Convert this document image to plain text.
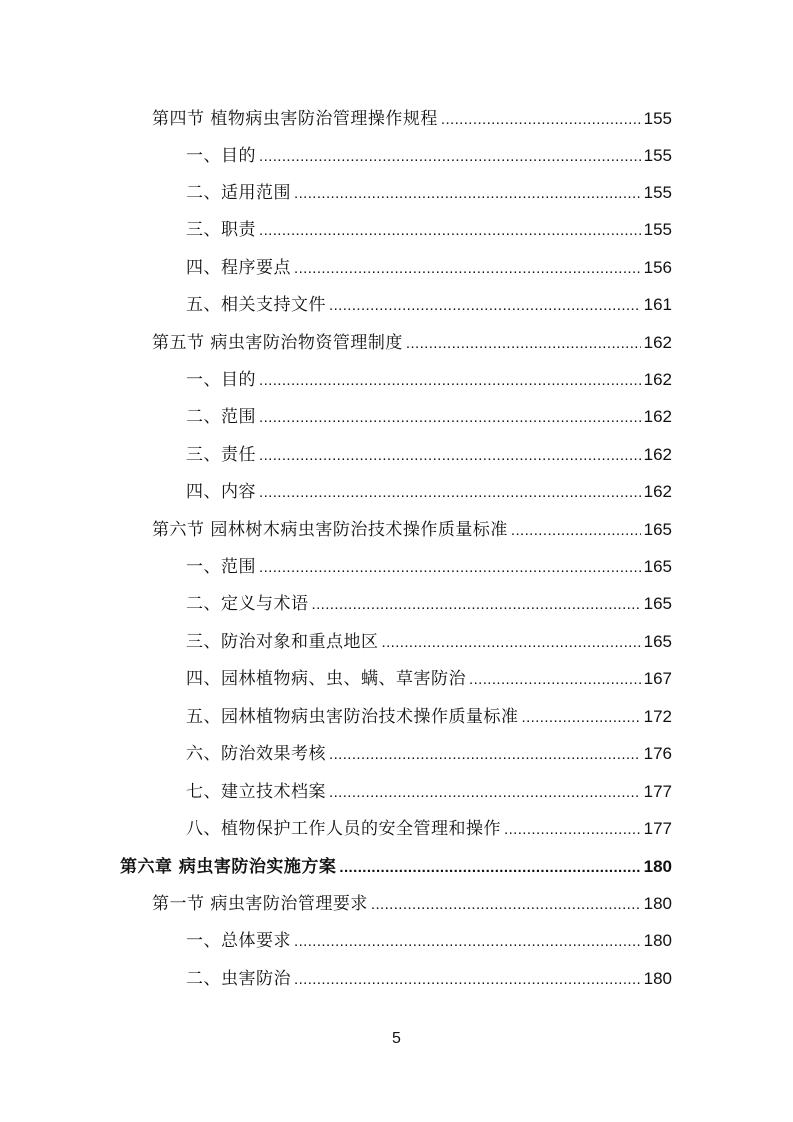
第四节 植物病虫害防治管理操作规程 .....	155
一、目的 .....	155
二、适用范围 .....	155
三、职责 .....	155
四、程序要点 .....	156
五、相关支持文件 .....	161
第五节 病虫害防治物资管理制度 .....	162
一、目的 .....	162
二、范围 .....	162
三、责任 .....	162
四、内容 .....	162
第六节 园林树木病虫害防治技术操作质量标准 .....	165
一、范围 .....	165
二、定义与术语 .....	165
三、防治对象和重点地区 .....	165
四、园林植物病、虫、螨、草害防治 .....	167
五、园林植物病虫害防治技术操作质量标准 .....	172
六、防治效果考核 .....	176
七、建立技术档案 .....	177
八、植物保护工作人员的安全管理和操作 .....	177
第六章 病虫害防治实施方案 .....	180
第一节 病虫害防治管理要求 .....	180
一、总体要求 .....	180
二、虫害防治 .....	180
5
